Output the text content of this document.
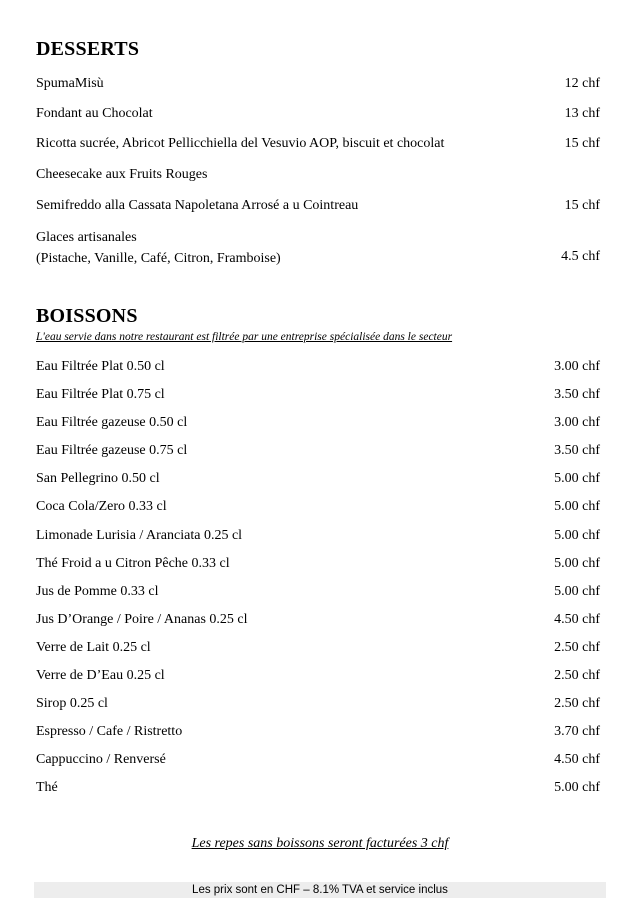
DESSERTS
SpumaMisù	12 chf
Fondant au Chocolat	13 chf
Ricotta sucrée, Abricot Pellicchiella del Vesuvio AOP, biscuit et chocolat	15 chf
Cheesecake aux Fruits Rouges
Semifreddo alla Cassata Napoletana Arrosé a u Cointreau	15 chf
Glaces artisanales
(Pistache, Vanille, Café, Citron, Framboise)	4.5 chf
BOISSONS
L'eau servie dans notre restaurant est filtrée par une entreprise spécialisée dans le secteur
Eau Filtrée Plat 0.50 cl	3.00 chf
Eau Filtrée Plat 0.75 cl	3.50 chf
Eau Filtrée gazeuse 0.50 cl	3.00 chf
Eau Filtrée gazeuse 0.75 cl	3.50 chf
San Pellegrino 0.50 cl	5.00 chf
Coca Cola/Zero 0.33 cl	5.00 chf
Limonade Lurisia / Aranciata 0.25 cl	5.00 chf
Thé Froid a u Citron Pêche 0.33 cl	5.00 chf
Jus de Pomme 0.33 cl	5.00 chf
Jus D’Orange / Poire / Ananas 0.25 cl	4.50 chf
Verre de Lait 0.25 cl	2.50 chf
Verre de D’Eau 0.25 cl	2.50 chf
Sirop 0.25 cl	2.50 chf
Espresso / Cafe / Ristretto	3.70 chf
Cappuccino / Renversé	4.50 chf
Thé	5.00 chf
Les repes sans boissons seront facturées 3 chf
Les prix sont en CHF – 8.1% TVA et service inclus
